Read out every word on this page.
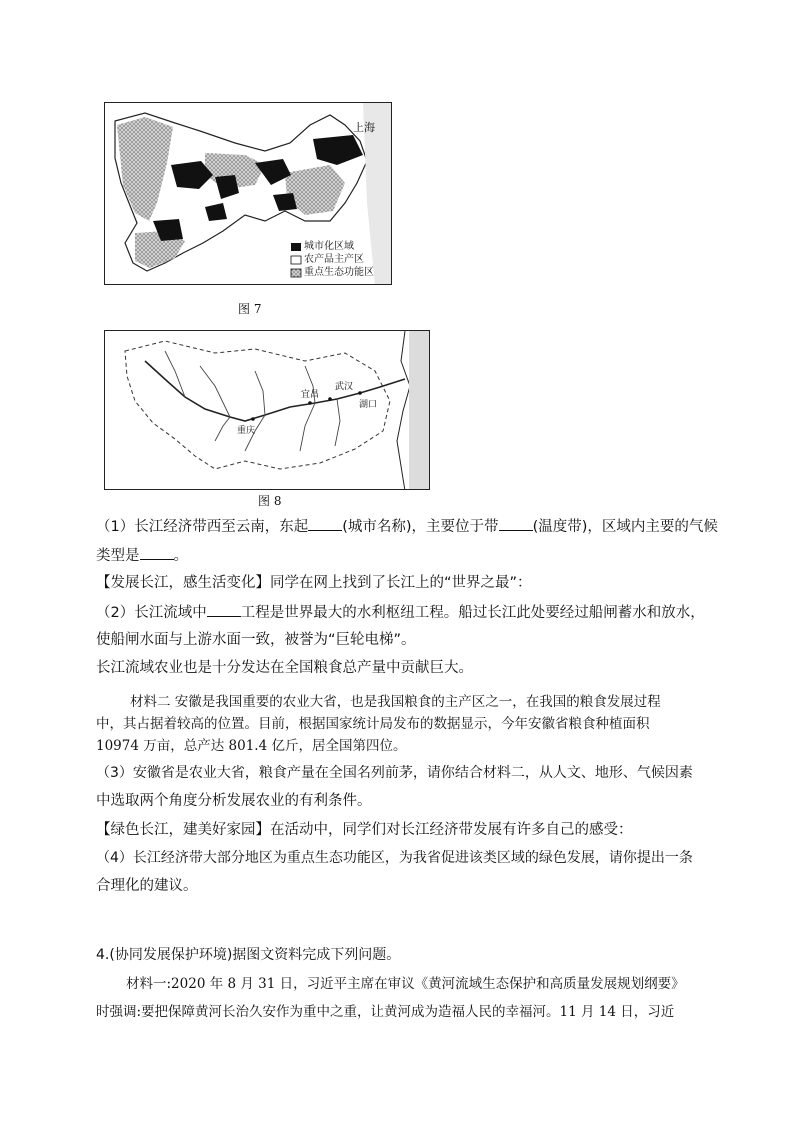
上海
城市化区域
农产品主产区
重点生态功能区
图 7
宜昌
武汉
湖口
重庆
图 8
（1）长江经济带西至云南，东起 (城市名称)，主要位于带 (温度带)，区域内主要的气候
类型是 。
【发展长江，感生活变化】同学在网上找到了长江上的“世界之最”：
（2）长江流域中 工程是世界最大的水利枢纽工程。船过长江此处要经过船闸蓄水和放水，
使船闸水面与上游水面一致，被誉为“巨轮电梯”。
长江流域农业也是十分发达在全国粮食总产量中贡献巨大。
材料二 安徽是我国重要的农业大省，也是我国粮食的主产区之一，在我国的粮食发展过程
中，其占据着较高的位置。目前，根据国家统计局发布的数据显示，今年安徽省粮食种植面积
10974 万亩，总产达 801.4 亿斤，居全国第四位。
（3）安徽省是农业大省，粮食产量在全国名列前茅，请你结合材料二，从人文、地形、气候因素
中选取两个角度分析发展农业的有利条件。
【绿色长江，建美好家园】在活动中，同学们对长江经济带发展有许多自己的感受：
（4）长江经济带大部分地区为重点生态功能区，为我省促进该类区域的绿色发展，请你提出一条
合理化的建议。
4.(协同发展保护环境)据图文资料完成下列问题。
材料一:2020 年 8 月 31 日，习近平主席在审议《黄河流域生态保护和高质量发展规划纲要》
时强调:要把保障黄河长治久安作为重中之重，让黄河成为造福人民的幸福河。11 月 14 日，习近
